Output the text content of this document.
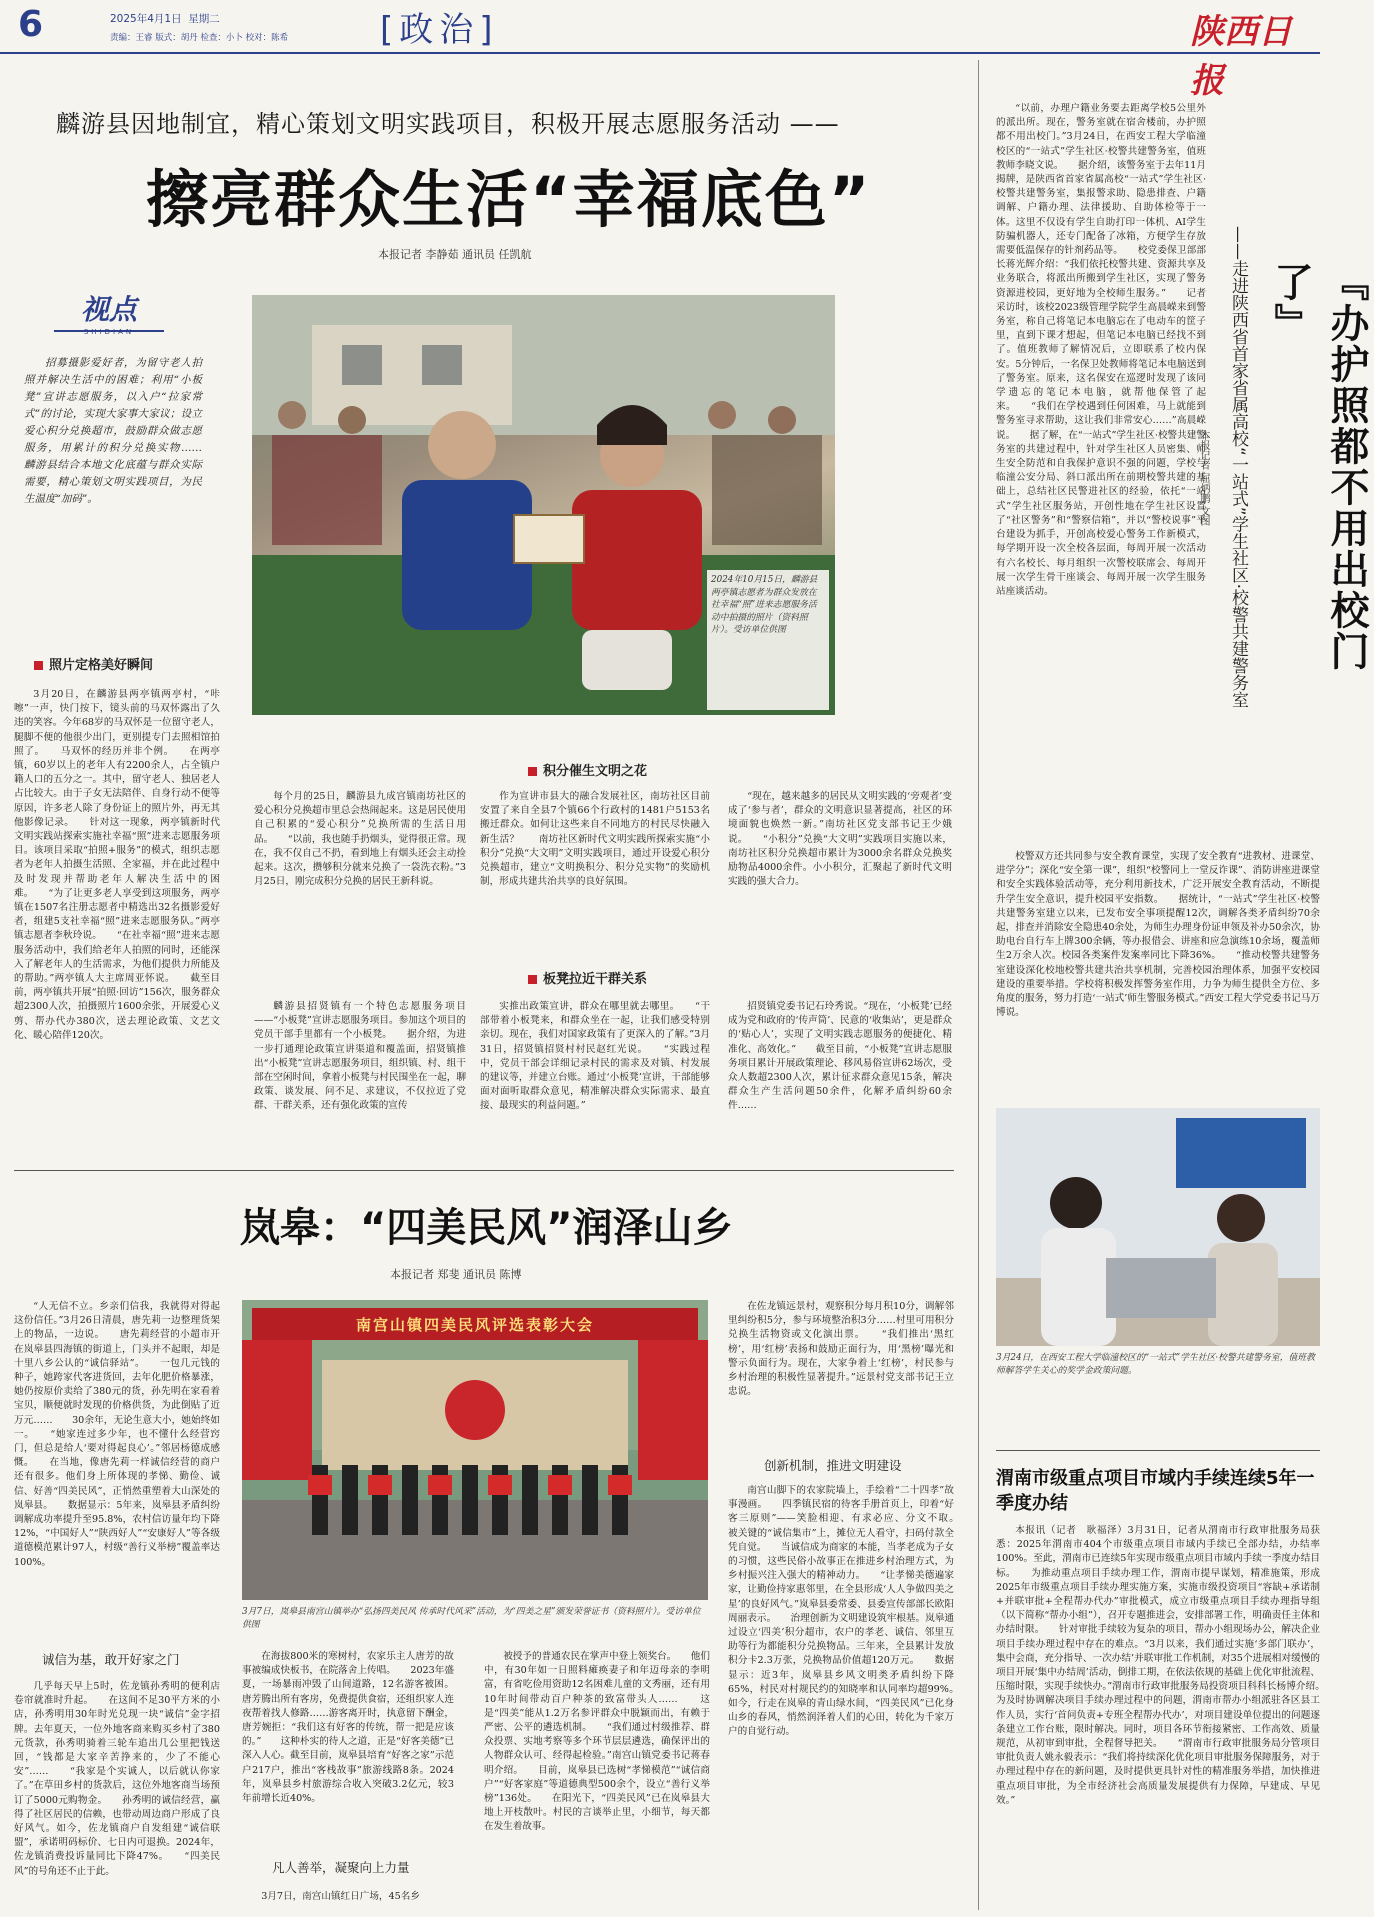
6	2025年4月1日 星期二
责编：王睿 版式：胡丹 检查：小卜 校对：陈希	[政治]	陕西日报
麟游县因地制宜，精心策划文明实践项目，积极开展志愿服务活动 ——
擦亮群众生活“幸福底色”
本报记者 李静茹 通讯员 任凯航
视点
SHIDIAN
招募摄影爱好者，为留守老人拍照并解决生活中的困难；利用“小板凳”宣讲志愿服务，以入户“拉家常式”的讨论，实现大家事大家议；设立爱心积分兑换超市，鼓励群众做志愿服务，用累计的积分兑换实物……　　麟游县结合本地文化底蕴与群众实际需要，精心策划文明实践项目，为民生温度“加码”。
2024年10月15日，麟游县两亭镇志愿者为群众发放在社幸福“照”进来志愿服务活动中拍摄的照片（资料照片）。受访单位供图
照片定格美好瞬间
3月20日，在麟游县两亭镇两亭村，“咔嚓”一声，快门按下，镜头前的马双怀露出了久违的笑容。今年68岁的马双怀是一位留守老人，腿脚不便的他很少出门，更别提专门去照相馆拍照了。　　马双怀的经历并非个例。　　在两亭镇，60岁以上的老年人有2200余人，占全镇户籍人口的五分之一。其中，留守老人、独居老人占比较大。由于子女无法陪伴、自身行动不便等原因，许多老人除了身份证上的照片外，再无其他影像记录。　　针对这一现象，两亭镇新时代文明实践站探索实施社幸福“照”进来志愿服务项目。该项目采取“拍照+服务”的模式，组织志愿者为老年人拍摄生活照、全家福，并在此过程中及时发现并帮助老年人解决生活中的困难。　　“为了让更多老人享受到这项服务，两亭镇在1507名注册志愿者中精选出32名摄影爱好者，组建5支社幸福“照”进来志愿服务队。”两亭镇志愿者李秋玲说。　　“在社幸福“照”进来志愿服务活动中，我们给老年人拍照的同时，还能深入了解老年人的生活需求，为他们提供力所能及的帮助。”两亭镇人大主席周亚怀说。　　截至目前，两亭镇共开展“拍照·回访”156次，服务群众超2300人次，拍摄照片1600余张，开展爱心义剪、帮办代办380次，送去理论政策、文艺文化、暖心陪伴120次。
积分催生文明之花
每个月的25日，麟游县九成宫镇南坊社区的爱心积分兑换超市里总会热闹起来。这是居民使用自己积累的“爱心积分”兑换所需的生活日用品。　　“以前，我也随手扔烟头，觉得很正常。现在，我不仅自己不扔，看到地上有烟头还会主动捡起来。这次，攒够积分就来兑换了一袋洗衣粉。”3月25日，刚完成积分兑换的居民王新科说。
作为宣讲市县大的融合发展社区，南坊社区目前安置了来自全县7个镇66个行政村的1481户5153名搬迁群众。如何让这些来自不同地方的村民尽快融入新生活？　　南坊社区新时代文明实践所探索实施“小积分”兑换“大文明”文明实践项目，通过开设爱心积分兑换超市，建立“文明换积分、积分兑实物”的奖励机制，形成共建共治共享的良好氛围。
“现在，越来越多的居民从文明实践的‘旁观者’变成了‘参与者’，群众的文明意识显著提高，社区的环境面貌也焕然一新。”南坊社区党支部书记王少娥说。　　“小积分”兑换“大文明”实践项目实施以来，南坊社区积分兑换超市累计为3000余名群众兑换奖励物品4000余件。小小积分，汇聚起了新时代文明实践的强大合力。
板凳拉近干群关系
麟游县招贤镇有一个特色志愿服务项目——“小板凳”宣讲志愿服务项目。参加这个项目的党员干部手里都有一个小板凳。　　据介绍，为进一步打通理论政策宣讲渠道和覆盖面，招贤镇推出“小板凳”宣讲志愿服务项目，组织镇、村、组干部在空闲时间，拿着小板凳与村民围坐在一起，聊政策、谈发展、问不足、求建议，不仅拉近了党群、干群关系，还有强化政策的宣传
实推出政策宣讲，群众在哪里就去哪里。　　“干部带着小板凳来，和群众坐在一起，让我们感受特别亲切。现在，我们对国家政策有了更深入的了解。”3月31日，招贤镇招贤村村民赵红光说。　　“实践过程中，党员干部会详细记录村民的需求及对镇、村发展的建议等，并建立台账。通过‘小板凳’宣讲，干部能够面对面听取群众意见，精准解决群众实际需求、最直接、最现实的利益问题。”
招贤镇党委书记石玲秀说。“现在，‘小板凳’已经成为党和政府的‘传声筒’、民意的‘收集站’，更是群众的‘贴心人’，实现了文明实践志愿服务的便捷化、精准化、高效化。”　　截至目前，“小板凳”宣讲志愿服务项目累计开展政策理论、移风易俗宣讲62场次，受众人数超2300人次，累计征求群众意见15条，解决群众生产生活问题50余件，化解矛盾纠纷60余件……
岚皋：“四美民风”润泽山乡
本报记者 郑斐 通讯员 陈博
“人无信不立。乡亲们信我，我就得对得起这份信任。”3月26日清晨，唐先莉一边整理货架上的物品，一边说。　　唐先莉经营的小超市开在岚皋县四海镇的街道上，门头并不起眼，却是十里八乡公认的“诚信驿站”。　　一包几元钱的种子，她跨家代客进货回，去年化肥价格暴涨，她仍按原价卖给了380元的货，孙先明在家看着宝贝，顺便就时发现的价格供货，为此倒贴了近万元……　　30余年，无论生意大小，她始终如一。　　“她家连过多少年，也不懂什么经营窍门，但总是给人‘要对得起良心’。”邻居杨德成感慨。　　在当地，像唐先莉一样诚信经营的商户还有很多。他们身上所体现的孝悌、勤俭、诚信、好善“四美民风”，正悄然重塑着大山深处的岚皋县。　　数据显示：5年来，岚皋县矛盾纠纷调解成功率提升至95.8%，农村信访量年均下降12%，“中国好人”“陕西好人”“安康好人”等各级道德模范累计97人，村级“善行义举榜”覆盖率达100%。
南宫山镇四美民风评选表彰大会
3月7日，岚皋县南宫山镇举办“弘扬四美民风 传承时代风采”活动，为“四美之星”颁发荣誉证书（资料照片）。受访单位供图
诚信为基，敢开好家之门
几乎每天早上5时，佐龙镇孙秀明的便利店卷帘就准时升起。　　在这间不足30平方米的小店，孙秀明用30年时光兑现一块“诚信”金字招牌。去年夏天，一位外地客商来购买乡村了380元货款，孙秀明骑着三轮车追出几公里把钱送回，“钱都是大家辛苦挣来的，少了不能心安”……　　“我家是个实诚人，以后就认你家了。”在草田乡村的货款后，这位外地客商当场预订了5000元购物金。　　孙秀明的诚信经营，赢得了社区居民的信赖，也带动周边商户形成了良好风气。如今，佐龙镇商户自发组建“诚信联盟”，承诺明码标价、七日内可退换。2024年，佐龙镇消费投诉量同比下降47%。　　“四美民风”的号角还不止于此。
在海拔800米的寒树村，农家乐主人唐芳的故事被编成快板书，在院落舍上传唱。　　2023年盛夏，一场暴雨冲毁了山间道路，12名游客被困。唐芳腾出所有客房，免费提供食宿，还组织家人连夜帮着找人修路……游客离开时，执意留下酬金，唐芳婉拒：“我们这有好客的传统，帮一把是应该的。”　　这种朴实的待人之道，正是“好客美德”已深入人心。截至目前，岚皋县培育“好客之家”示范户217户，推出“客栈故事”旅游线路8条。2024年，岚皋县乡村旅游综合收入突破3.2亿元，较3年前增长近40%。
凡人善举，凝聚向上力量
3月7日，南宫山镇红日广场，45名乡
被授予的普通农民在掌声中登上领奖台。　　他们中，有30年如一日照料瘫痪妻子和年迈母亲的李明富，有省吃俭用资助12名困难儿童的文秀丽，还有用10年时间带动百户种茶的致富带头人……　　这是“四美”能从1.2万名参评群众中脱颖而出，有赖于严密、公平的遴选机制。　　“我们通过村级推荐、群众投票、实地考察等多个环节层层遴选，确保评出的人物群众认可、经得起检验。”南宫山镇党委书记蒋春明介绍。　　目前，岚皋县已选树“孝悌模范”“诚信商户”“好客家庭”等道德典型500余个，设立“善行义举榜”136处。　　在阳光下，“四美民风”已在岚皋县大地上开枝散叶。村民的言谈举止里，小细节，每天都在发生着故事。
在佐龙镇远景村，观察积分每月积10分，调解邻里纠纷积5分，参与环境整治积3分……村里可用积分兑换生活物资或文化演出票。　　“我们推出‘黑红榜’，用‘红榜’表扬和鼓励正面行为，用‘黑榜’曝光和警示负面行为。现在，大家争着上‘红榜’，村民参与乡村治理的积极性显著提升。”远景村党支部书记王立忠说。
创新机制，推进文明建设
南宫山脚下的农家院墙上，手绘着“二十四孝”故事漫画。　　四季镇民宿的待客手册首页上，印着“好客三原则”——笑脸相迎、有求必应、分文不取。　　被关键的“诚信集市”上，摊位无人看守，扫码付款全凭自觉。　　当诚信成为商家的本能，当孝老成为子女的习惯，这些民俗小故事正在推进乡村治理方式，为乡村振兴注入强大的精神动力。　　“让孝悌美德遍家家，让勤俭持家惠邻里，在全县形成‘人人争做四美之星’的良好风气。”岚皋县委常委、县委宣传部部长欧阳周丽表示。　　治理创新为文明建设筑牢根基。岚皋通过设立‘四美’积分超市，农户的孝老、诚信、邻里互助等行为都能积分兑换物品。三年来，全县累计发放积分卡2.3万张，兑换物品价值超120万元。　　数据显示：近3年，岚皋县乡风文明类矛盾纠纷下降65%，村民对村规民约的知晓率和认同率均超99%。　　如今，行走在岚皋的青山绿水间，“四美民风”已化身山乡的春风，悄然润泽着人们的心田，转化为千家万户的自觉行动。
“以前，办理户籍业务要去距离学校5公里外的派出所。现在，警务室就在宿舍楼前，办护照都不用出校门。”3月24日，在西安工程大学临潼校区的“一站式”学生社区·校警共建警务室，值班教师李晓文说。　　据介绍，该警务室于去年11月揭牌，是陕西省首家省属高校“一站式”学生社区·校警共建警务室，集报警求助、隐患排查、户籍调解、户籍办理、法律援助、自助体检等于一体。这里不仅设有学生自助打印一体机、AI学生防骗机器人，还专门配备了冰箱，方便学生存放需要低温保存的针剂药品等。　　校党委保卫部部长蒋光辉介绍：“我们依托校警共建、资源共享及业务联合，将派出所搬到学生社区，实现了警务资源进校园，更好地为全校师生服务。”　　记者采访时，该校2023级管理学院学生高晨嵘来到警务室，称自己将笔记本电脑忘在了电动车的筐子里，直到下课才想起，但笔记本电脑已经找不到了。值班教师了解情况后，立即联系了校内保安。5分钟后，一名保卫处教师将笔记本电脑送到了警务室。原来，这名保安在巡逻时发现了该同学遗忘的笔记本电脑，就帮他保管了起来。　　“我们在学校遇到任何困难，马上就能到警务室寻求帮助，这让我们非常安心……”高晨嵘说。　　据了解，在“一站式”学生社区·校警共建警务室的共建过程中，针对学生社区人员密集、师生安全防范和自我保护意识不强的问题，学校与临潼公安分局、斜口派出所在前期校警共建的基础上，总结社区民警进社区的经验，依托“一站式”学生社区服务站，开创性地在学生社区设置了“社区警务”和“警察信箱”，并以“警校说事”平台建设为抓手，开创高校爱心警务工作新模式，每学期开设一次全校各层面，每周开展一次活动有六名校长、每月组织一次警校联席会、每周开展一次学生骨干座谈会、每周开展一次学生服务站座谈活动。	『办护照都不用出校门了』
——走进陕西省首家省属高校“一站式”学生社区·校警共建警务室
本报记者 屈炳鹏 文图
校警双方还共同参与安全教育课堂，实现了安全教育“进教材、进课堂、进学分”；深化“安全第一课”，组织“校警同上一堂反诈课”、消防讲座进课堂和安全实践体验活动等，充分利用新技术，广泛开展安全教育活动，不断提升学生安全意识，提升校园平安指数。　　据统计，“一站式”学生社区·校警共建警务室建立以来，已发布安全事项提醒12次，调解各类矛盾纠纷70余起，排查并消除安全隐患40余处，为师生办理身份证申领及补办50余次，协助电台自行车上牌300余辆，等办报借会、讲座和应急演练10余场，覆盖师生2万余人次。校园各类案件发案率同比下降36%。　　“推动校警共建警务室建设深化校地校警共建共治共享机制，完善校园治理体系，加强平安校园建设的重要举措。学校将积极发挥警务室作用，力争为师生提供全方位、多角度的服务，努力打造‘一站式’师生警服务模式。”西安工程大学党委书记马万博说。
3月24日，在西安工程大学临潼校区的“一站式”学生社区·校警共建警务室，值班教师解答学生关心的奖学金政策问题。
渭南市级重点项目市域内手续连续5年一季度办结
本报讯（记者　耿福泽）3月31日，记者从渭南市行政审批服务局获悉：2025年渭南市404个市级重点项目市域内手续已全部办结，办结率100%。至此，渭南市已连续5年实现市级重点项目市域内手续一季度办结目标。　　为推动重点项目手续办理工作，渭南市提早谋划，精准施策，形成2025年市级重点项目手续办理实施方案，实施市级投资项目“容缺+承诺制+并联审批+全程帮办代办”审批模式，成立市级重点项目手续办理指导组（以下简称“帮办小组”），召开专题推进会，安排部署工作，明确责任主体和办结时限。　　针对审批手续较为复杂的项目，帮办小组现场办公，解决企业项目手续办理过程中存在的难点。“3月以来，我们通过实施‘多部门联办’，集中会商，充分指导、一次办结’并联审批工作机制，对35个进展相对缓慢的项目开展‘集中办结周’活动，倒排工期，在依法依规的基础上优化审批流程、压缩时限，实现手续快办。”渭南市行政审批服务局投资项目科科长杨博介绍。　　为及时协调解决项目手续办理过程中的问题，渭南市帮办小组派驻各区县工作人员，实行‘首问负责+专班全程帮办代办’，对项目建设单位提出的问题逐条建立工作台账，限时解决。同时，项目各环节衔接紧密、工作高效、质量规范，从初审到审批，全程督导把关。　　“渭南市行政审批服务局分管项目审批负责人姚永毅表示：“我们将持续深化优化项目审批服务保障服务，对于办理过程中存在的新问题，及时提供更具针对性的精准服务举措，加快推进重点项目审批，为全市经济社会高质量发展提供有力保障，早建成、早见效。”
